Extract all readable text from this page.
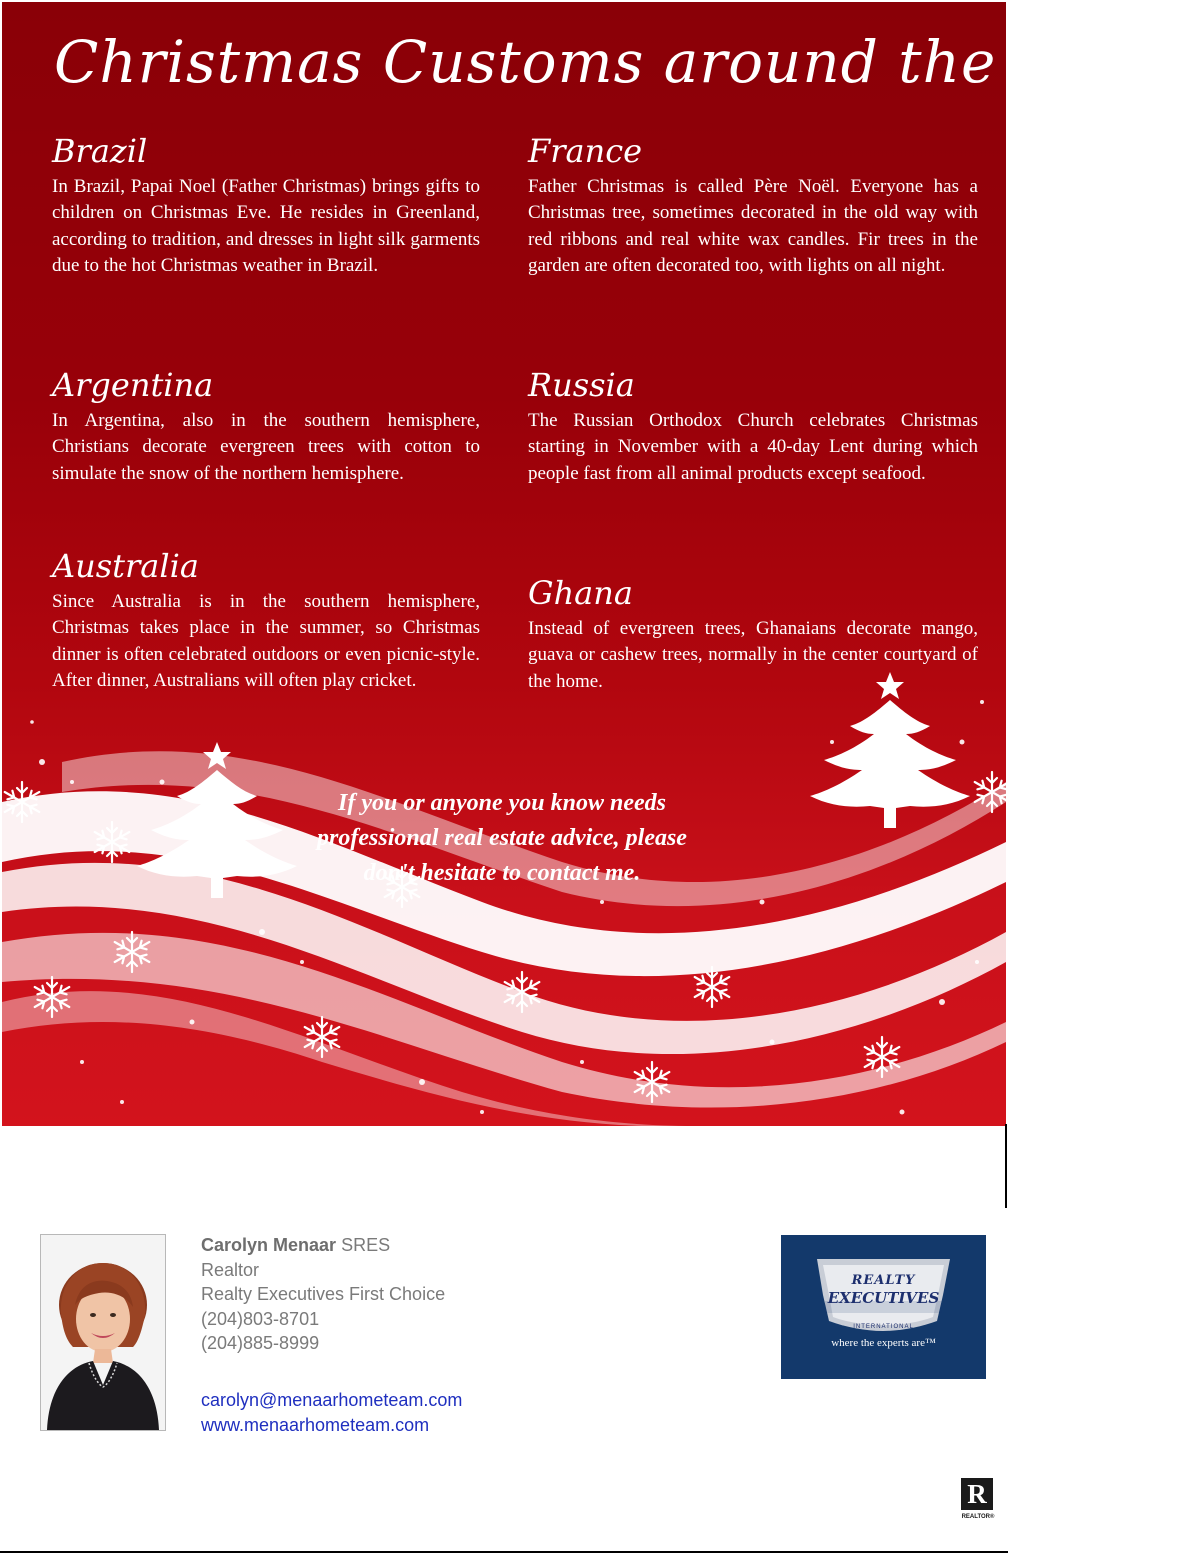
Christmas Customs around the World
Brazil

In Brazil, Papai Noel (Father Christmas) brings gifts to children on Christmas Eve. He resides in Greenland, according to tradition, and dresses in light silk garments due to the hot Christmas weather in Brazil.

France

Father Christmas is called Père Noël. Everyone has a Christmas tree, sometimes decorated in the old way with red ribbons and real white wax candles. Fir trees in the garden are often decorated too, with lights on all night.

Argentina

In Argentina, also in the southern hemisphere, Christians decorate evergreen trees with cotton to simulate the snow of the northern hemisphere.

Russia

The Russian Orthodox Church celebrates Christmas starting in November with a 40-day Lent during which people fast from all animal products except seafood.

Australia

Since Australia is in the southern hemisphere, Christmas takes place in the summer, so Christmas dinner is often celebrated outdoors or even picnic-style. After dinner, Australians will often play cricket.

Ghana

Instead of evergreen trees, Ghanaians decorate mango, guava or cashew trees, normally in the center courtyard of the home.

If you or anyone you know needs
professional real estate advice, please
don't hesitate to contact me.

Carolyn Menaar SRES

Realtor

Realty Executives First Choice

(204)803-8701

(204)885-8999

carolyn@menaarhometeam.com

www.menaarhometeam.com

REALTY
EXECUTIVES
INTERNATIONAL
where the experts are™
R
REALTOR®
